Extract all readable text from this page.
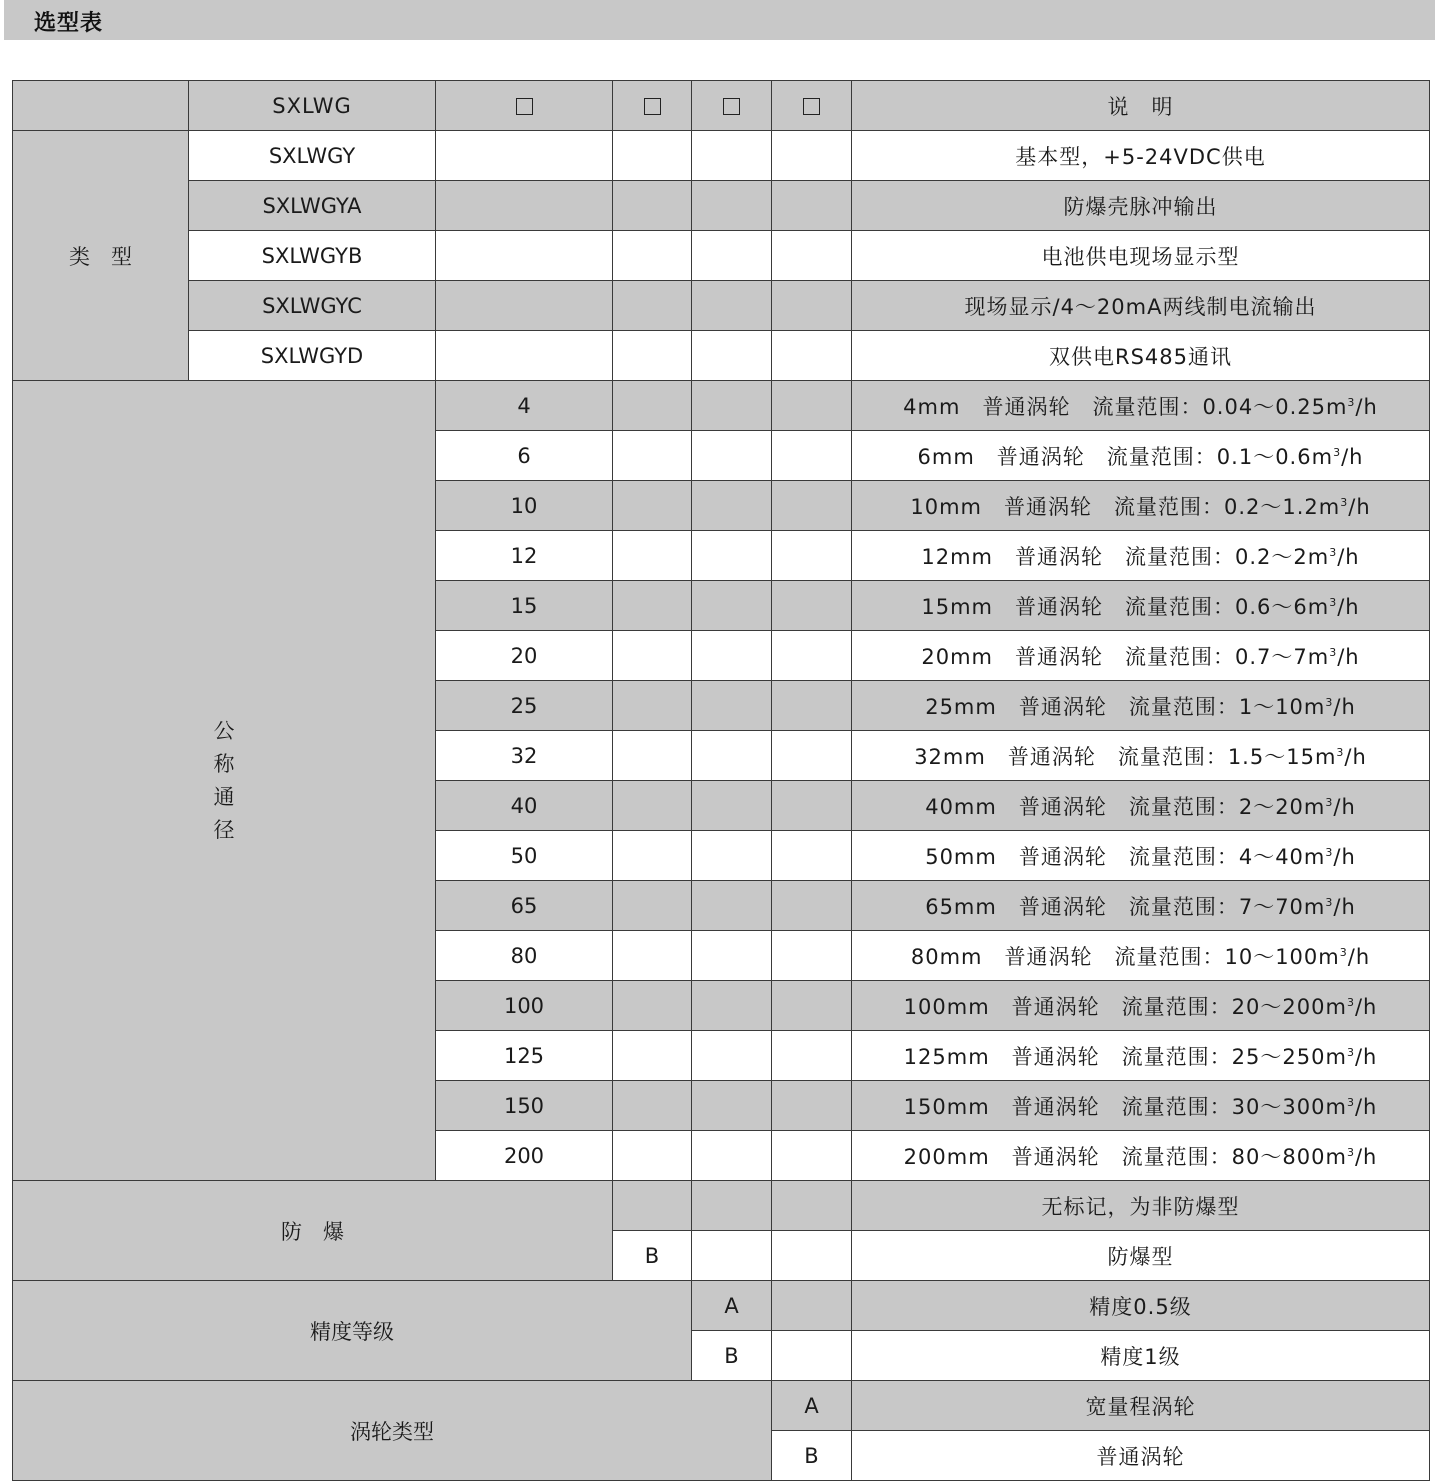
选型表
	SXLWG					说　明
类　型	SXLWGY					基本型，+5-24VDC供电
	SXLWGYA					防爆壳脉冲输出
	SXLWGYB					电池供电现场显示型
	SXLWGYC					现场显示/4～20mA两线制电流输出
	SXLWGYD					双供电RS485通讯
公称通径		4				4mm　普通涡轮　流量范围：$0.04\sim 0.25m^3/h$
		6				6mm　普通涡轮　流量范围：$0.1\sim 0.6m^3/h$
		10				10mm　普通涡轮　流量范围：$0.2\sim 1.2m^3/h$
		12				12mm　普通涡轮　流量范围：$0.2\sim 2m^3/h$
		15				15mm　普通涡轮　流量范围：$0.6\sim 6m^3/h$
		20				20mm　普通涡轮　流量范围：$0.7\sim 7m^3/h$
		25				25mm　普通涡轮　流量范围：$1\sim 10m^3/h$
		32				32mm　普通涡轮　流量范围：$1.5\sim 15m^3/h$
		40				40mm　普通涡轮　流量范围：$2\sim 20m^3/h$
		50				50mm　普通涡轮　流量范围：$4\sim 40m^3/h$
		65				65mm　普通涡轮　流量范围：$7\sim 70m^3/h$
		80				80mm　普通涡轮　流量范围：$10\sim 100m^3/h$
		100				100mm　普通涡轮　流量范围：$20\sim 200m^3/h$
		125				125mm　普通涡轮　流量范围：$25\sim 250m^3/h$
		150				150mm　普通涡轮　流量范围：$30\sim 300m^3/h$
		200				200mm　普通涡轮　流量范围：$80\sim 800m^3/h$
防　爆						无标记，为非防爆型
			B			防爆型
精度等级				A		精度0.5级
				B		精度1级
涡轮类型					A	宽量程涡轮
					B	普通涡轮
